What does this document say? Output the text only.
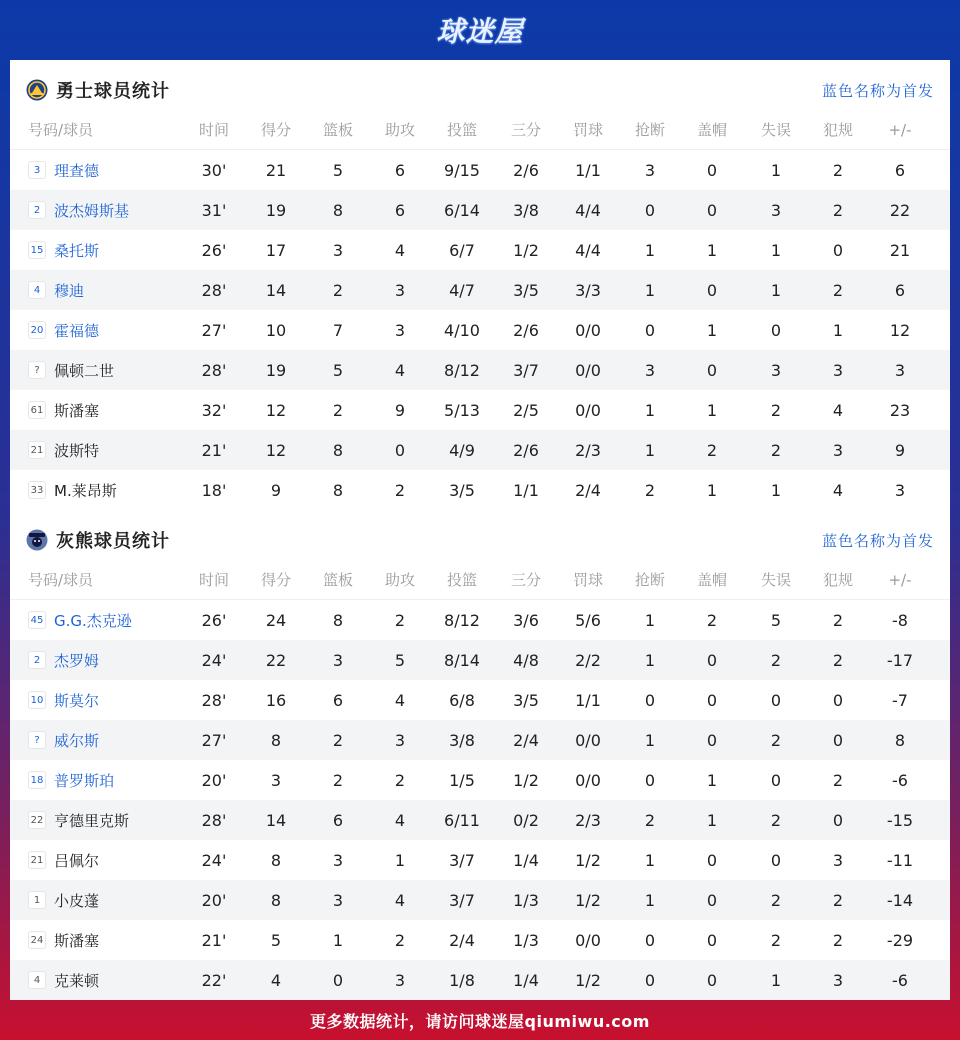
球迷屋
勇士球员统计	蓝色名称为首发
号码/球员	时间	得分	篮板	助攻	投篮	三分	罚球	抢断	盖帽	失误	犯规	+/-
3 理查德	30'	21	5	6	9/15	2/6	1/1	3	0	1	2	6
2 波杰姆斯基	31'	19	8	6	6/14	3/8	4/4	0	0	3	2	22
15 桑托斯	26'	17	3	4	6/7	1/2	4/4	1	1	1	0	21
4 穆迪	28'	14	2	3	4/7	3/5	3/3	1	0	1	2	6
20 霍福德	27'	10	7	3	4/10	2/6	0/0	0	1	0	1	12
? 佩顿二世	28'	19	5	4	8/12	3/7	0/0	3	0	3	3	3
61 斯潘塞	32'	12	2	9	5/13	2/5	0/0	1	1	2	4	23
21 波斯特	21'	12	8	0	4/9	2/6	2/3	1	2	2	3	9
33 M.莱昂斯	18'	9	8	2	3/5	1/1	2/4	2	1	1	4	3
灰熊球员统计	蓝色名称为首发
号码/球员	时间	得分	篮板	助攻	投篮	三分	罚球	抢断	盖帽	失误	犯规	+/-
45 G.G.杰克逊	26'	24	8	2	8/12	3/6	5/6	1	2	5	2	-8
2 杰罗姆	24'	22	3	5	8/14	4/8	2/2	1	0	2	2	-17
10 斯莫尔	28'	16	6	4	6/8	3/5	1/1	0	0	0	0	-7
? 威尔斯	27'	8	2	3	3/8	2/4	0/0	1	0	2	0	8
18 普罗斯珀	20'	3	2	2	1/5	1/2	0/0	0	1	0	2	-6
22 亨德里克斯	28'	14	6	4	6/11	0/2	2/3	2	1	2	0	-15
21 吕佩尔	24'	8	3	1	3/7	1/4	1/2	1	0	0	3	-11
1 小皮蓬	20'	8	3	4	3/7	1/3	1/2	1	0	2	2	-14
24 斯潘塞	21'	5	1	2	2/4	1/3	0/0	0	0	2	2	-29
4 克莱顿	22'	4	0	3	1/8	1/4	1/2	0	0	1	3	-6
更多数据统计，请访问球迷屋qiumiwu.com
